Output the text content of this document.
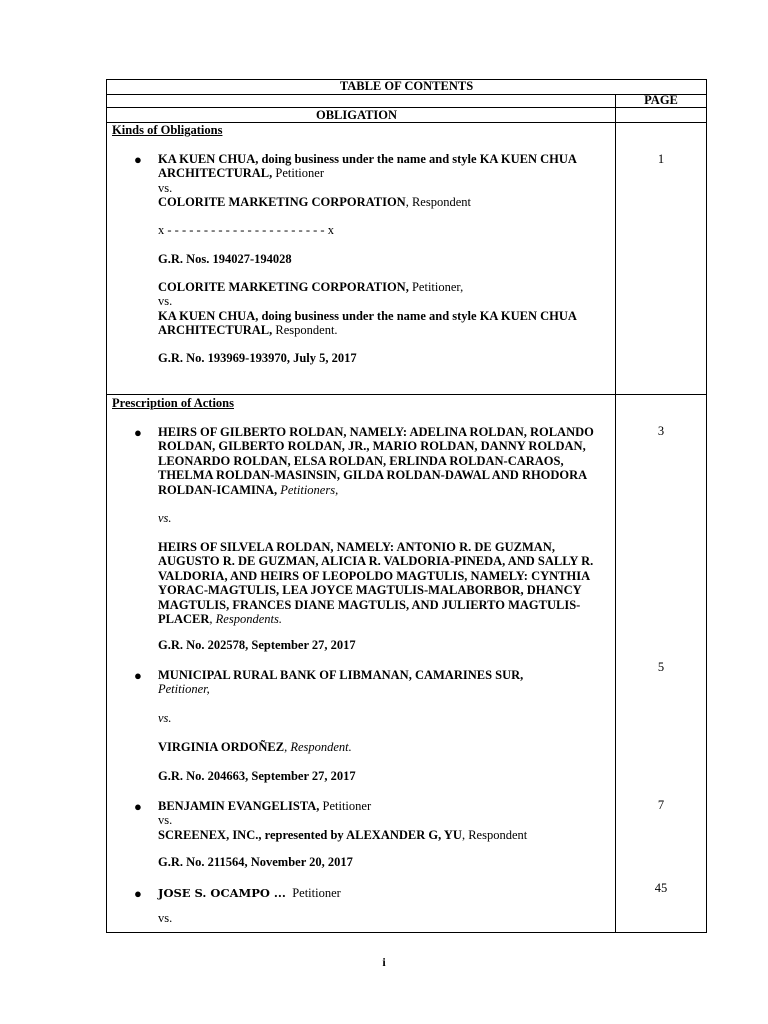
TABLE OF CONTENTS
PAGE
OBLIGATION
Kinds of Obligations
● KA KUEN CHUA, doing business under the name and style KA KUEN CHUA ARCHITECTURAL, Petitioner
vs.
COLORITE MARKETING CORPORATION, Respondent
1
x - - - - - - - - - - - - - - - - - - - - - - x
G.R. Nos. 194027-194028
COLORITE MARKETING CORPORATION, Petitioner,
vs.
KA KUEN CHUA, doing business under the name and style KA KUEN CHUA ARCHITECTURAL, Respondent.
G.R. No. 193969-193970, July 5, 2017
Prescription of Actions
● HEIRS OF GILBERTO ROLDAN, NAMELY: ADELINA ROLDAN, ROLANDO ROLDAN, GILBERTO ROLDAN, JR., MARIO ROLDAN, DANNY ROLDAN, LEONARDO ROLDAN, ELSA ROLDAN, ERLINDA ROLDAN-CARAOS, THELMA ROLDAN-MASINSIN, GILDA ROLDAN-DAWAL AND RHODORA ROLDAN-ICAMINA, Petitioners,
3
vs.
HEIRS OF SILVELA ROLDAN, NAMELY: ANTONIO R. DE GUZMAN, AUGUSTO R. DE GUZMAN, ALICIA R. VALDORIA-PINEDA, AND SALLY R. VALDORIA, AND HEIRS OF LEOPOLDO MAGTULIS, NAMELY: CYNTHIA YORAC-MAGTULIS, LEA JOYCE MAGTULIS-MALABORBOR, DHANCY MAGTULIS, FRANCES DIANE MAGTULIS, AND JULIERTO MAGTULIS-PLACER, Respondents.
G.R. No. 202578, September 27, 2017
● MUNICIPAL RURAL BANK OF LIBMANAN, CAMARINES SUR, Petitioner,
5
vs.
VIRGINIA ORDOÑEZ, Respondent.
G.R. No. 204663, September 27, 2017
● BENJAMIN EVANGELISTA, Petitioner
vs.
SCREENEX, INC., represented by ALEXANDER G, YU, Respondent
7
G.R. No. 211564, November 20, 2017
● JOSE S. OCAMPO ...  Petitioner	45
vs.
i
